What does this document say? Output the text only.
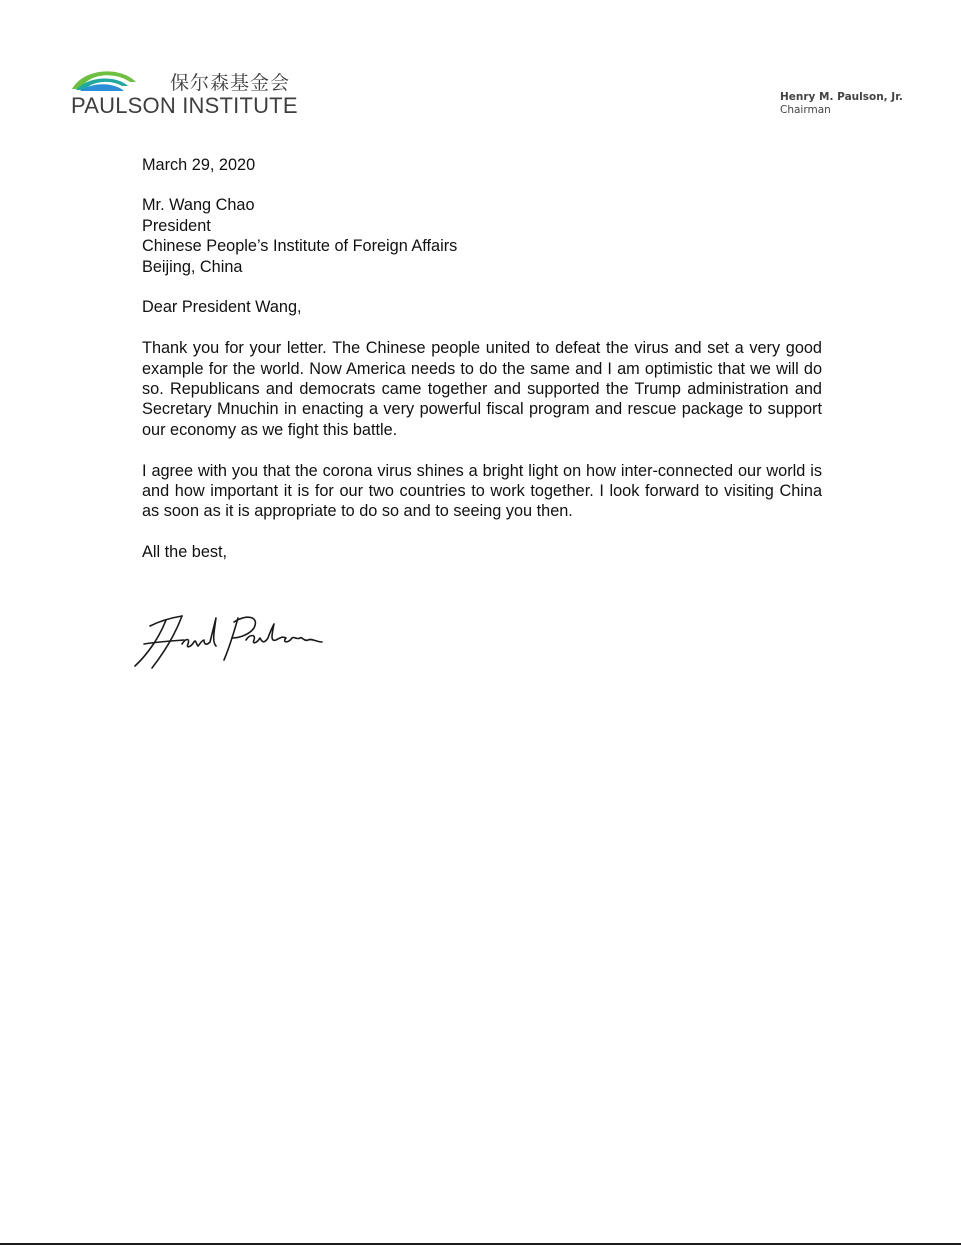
保尔森基金会
PAULSON INSTITUTE	Henry M. Paulson, Jr.
Chairman
March 29, 2020
Mr. Wang Chao
President
Chinese People’s Institute of Foreign Affairs
Beijing, China
Dear President Wang,
Thank you for your letter. The Chinese people united to defeat the virus and set a very good example for the world. Now America needs to do the same and I am optimistic that we will do so. Republicans and democrats came together and supported the Trump administration and Secretary Mnuchin in enacting a very powerful fiscal program and rescue package to support our economy as we fight this battle.
I agree with you that the corona virus shines a bright light on how inter-connected our world is and how important it is for our two countries to work together. I look forward to visiting China as soon as it is appropriate to do so and to seeing you then.
All the best,
